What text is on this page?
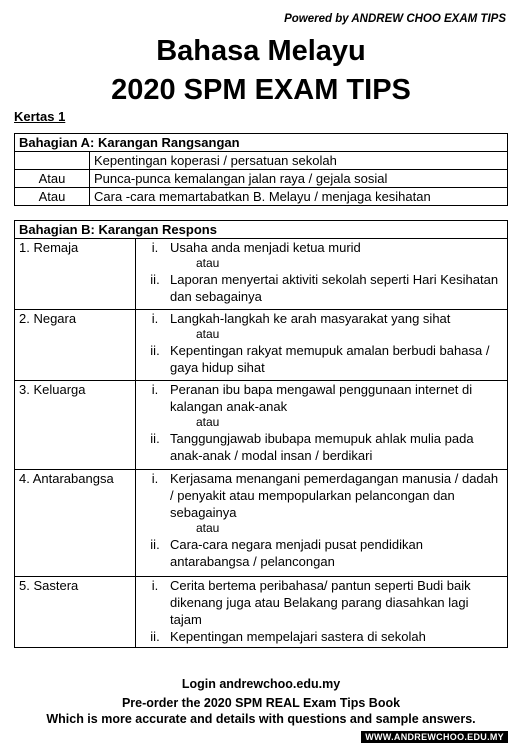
Powered by ANDREW CHOO EXAM TIPS
Bahasa Melayu
2020 SPM EXAM TIPS
Kertas 1
Bahagian A: Karangan Rangsangan	
	Kepentingan koperasi / persatuan sekolah
Atau	Punca-punca kemalangan jalan raya / gejala sosial
Atau	Cara -cara memartabatkan B. Melayu / menjaga kesihatan
Bahagian B: Karangan Respons	
1. Remaja	i. Usaha anda menjadi ketua murid
atau
ii. Laporan menyertai aktiviti sekolah seperti Hari Kesihatan dan sebagainya

2. Negara	i. Langkah-langkah ke arah masyarakat yang sihat
atau
ii. Kepentingan rakyat memupuk amalan berbudi bahasa / gaya hidup sihat

3. Keluarga	i. Peranan ibu bapa mengawal penggunaan internet di kalangan anak-anak
atau
ii. Tanggungjawab ibubapa memupuk ahlak mulia pada anak-anak / modal insan / berdikari

4. Antarabangsa	i. Kerjasama menangani pemerdagangan manusia / dadah / penyakit atau mempopularkan pelancongan dan sebagainya
atau
ii. Cara-cara negara menjadi pusat pendidikan antarabangsa / pelancongan

5. Sastera	i. Cerita bertema peribahasa/ pantun seperti Budi baik dikenang juga atau Belakang parang diasahkan lagi tajam
ii. Kepentingan mempelajari sastera di sekolah
Login andrewchoo.edu.my
Pre-order the 2020 SPM REAL Exam Tips Book
Which is more accurate and details with questions and sample answers.
WWW.ANDREWCHOO.EDU.MY
